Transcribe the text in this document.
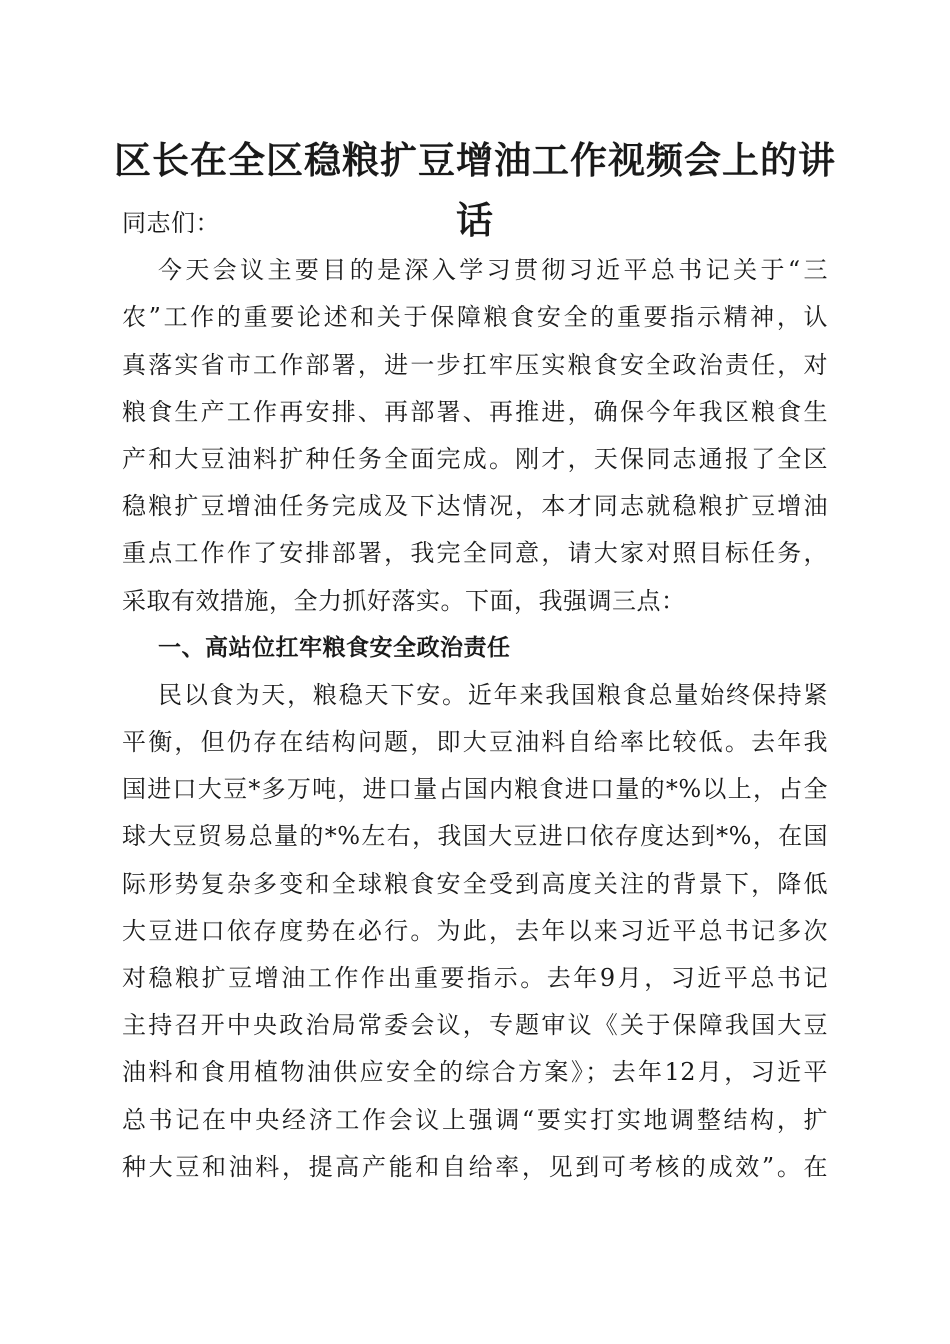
区长在全区稳粮扩豆增油工作视频会上的讲话
同志们：
今天会议主要目的是深入学习贯彻习近平总书记关于“三
农”工作的重要论述和关于保障粮食安全的重要指示精神，认
真落实省市工作部署，进一步扛牢压实粮食安全政治责任，对
粮食生产工作再安排、再部署、再推进，确保今年我区粮食生
产和大豆油料扩种任务全面完成。刚才，天保同志通报了全区
稳粮扩豆增油任务完成及下达情况，本才同志就稳粮扩豆增油
重点工作作了安排部署，我完全同意，请大家对照目标任务，
采取有效措施，全力抓好落实。下面，我强调三点：
一、高站位扛牢粮食安全政治责任
民以食为天，粮稳天下安。近年来我国粮食总量始终保持紧
平衡，但仍存在结构问题，即大豆油料自给率比较低。去年我
国进口大豆*多万吨，进口量占国内粮食进口量的*%以上，占全
球大豆贸易总量的*%左右，我国大豆进口依存度达到*%，在国
际形势复杂多变和全球粮食安全受到高度关注的背景下，降低
大豆进口依存度势在必行。为此，去年以来习近平总书记多次
对稳粮扩豆增油工作作出重要指示。去年9月，习近平总书记
主持召开中央政治局常委会议，专题审议《关于保障我国大豆
油料和食用植物油供应安全的综合方案》；去年12月，习近平
总书记在中央经济工作会议上强调“要实打实地调整结构，扩
种大豆和油料，提高产能和自给率，见到可考核的成效”。在
